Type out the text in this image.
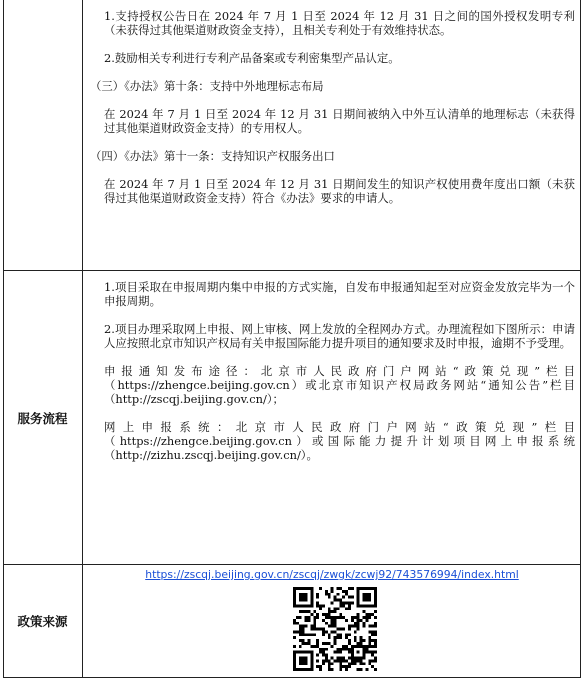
1.支持授权公告日在 2024 年 7 月 1 日至 2024 年 12 月 31 日之间的国外授权发明专利（未获得过其他渠道财政资金支持），且相关专利处于有效维持状态。

2.鼓励相关专利进行专利产品备案或专利密集型产品认定。

（三）《办法》第十条：支持中外地理标志布局

在 2024 年 7 月 1 日至 2024 年 12 月 31 日期间被纳入中外互认清单的地理标志（未获得过其他渠道财政资金支持）的专用权人。

（四）《办法》第十一条：支持知识产权服务出口

在 2024 年 7 月 1 日至 2024 年 12 月 31 日期间发生的知识产权使用费年度出口额（未获得过其他渠道财政资金支持）符合《办法》要求的申请人。

服务流程

1.项目采取在申报周期内集中申报的方式实施，自发布申报通知起至对应资金发放完毕为一个申报周期。

2.项目办理采取网上申报、网上审核、网上发放的全程网办方式。办理流程如下图所示：申请人应按照北京市知识产权局有关申报国际能力提升项目的通知要求及时申报，逾期不予受理。

申报通知发布途径：北京市人民政府门户网站“政策兑现”栏目（https://zhengce.beijing.gov.cn）或北京市知识产权局政务网站“通知公告”栏目（http://zscqj.beijing.gov.cn/）；

网上申报系统：北京市人民政府门户网站“政策兑现”栏目（https://zhengce.beijing.gov.cn）或国际能力提升计划项目网上申报系统（http://zizhu.zscqj.beijing.gov.cn/）。

政策来源
https://zscqj.beijing.gov.cn/zscqj/zwgk/zcwj92/743576994/index.html
